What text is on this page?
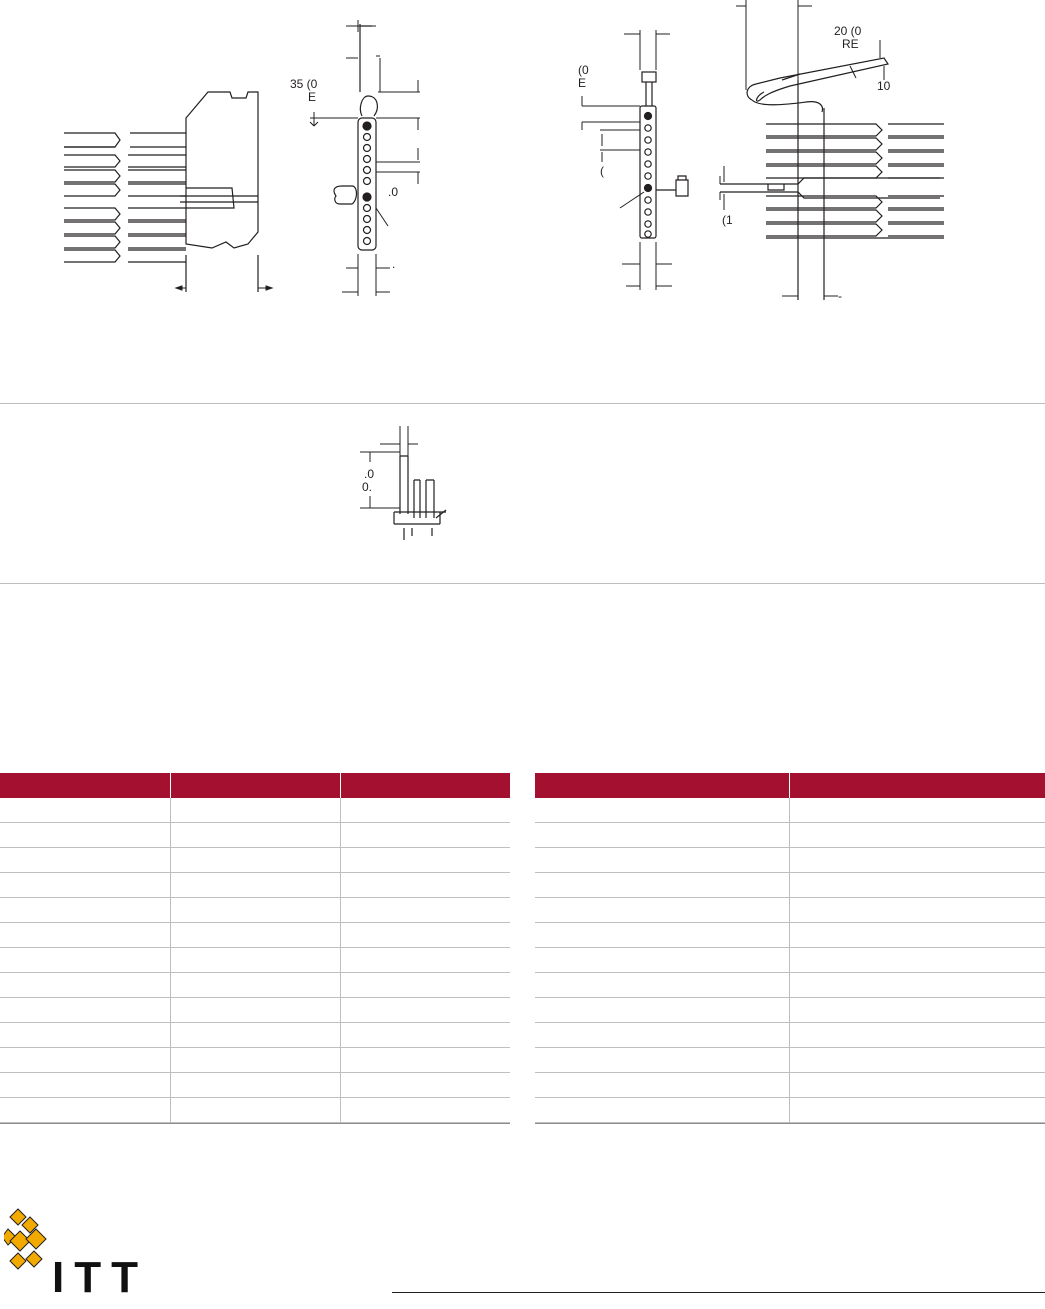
35 (0
E
.0
.
(0
E
(
20 (0
RE
10
(1
-
.0
0.

ITT
